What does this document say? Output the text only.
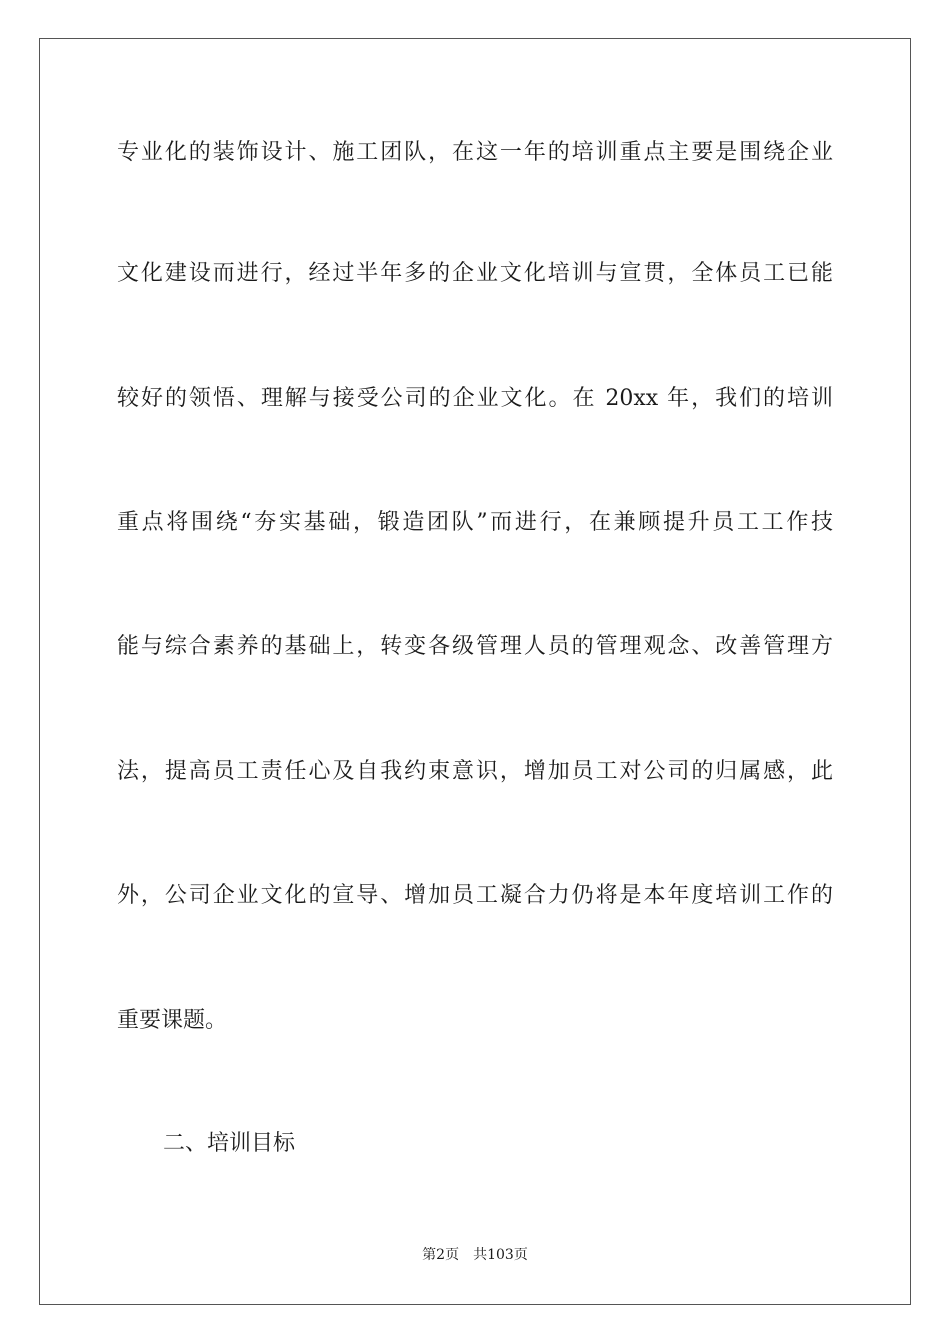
专业化的装饰设计、施工团队，在这一年的培训重点主要是围绕企业
文化建设而进行，经过半年多的企业文化培训与宣贯，全体员工已能
较好的领悟、理解与接受公司的企业文化。在 20xx 年，我们的培训
重点将围绕“夯实基础，锻造团队”而进行，在兼顾提升员工工作技
能与综合素养的基础上，转变各级管理人员的管理观念、改善管理方
法，提高员工责任心及自我约束意识，增加员工对公司的归属感，此
外，公司企业文化的宣导、增加员工凝合力仍将是本年度培训工作的
重要课题。
二、培训目标
第2页 共103页
